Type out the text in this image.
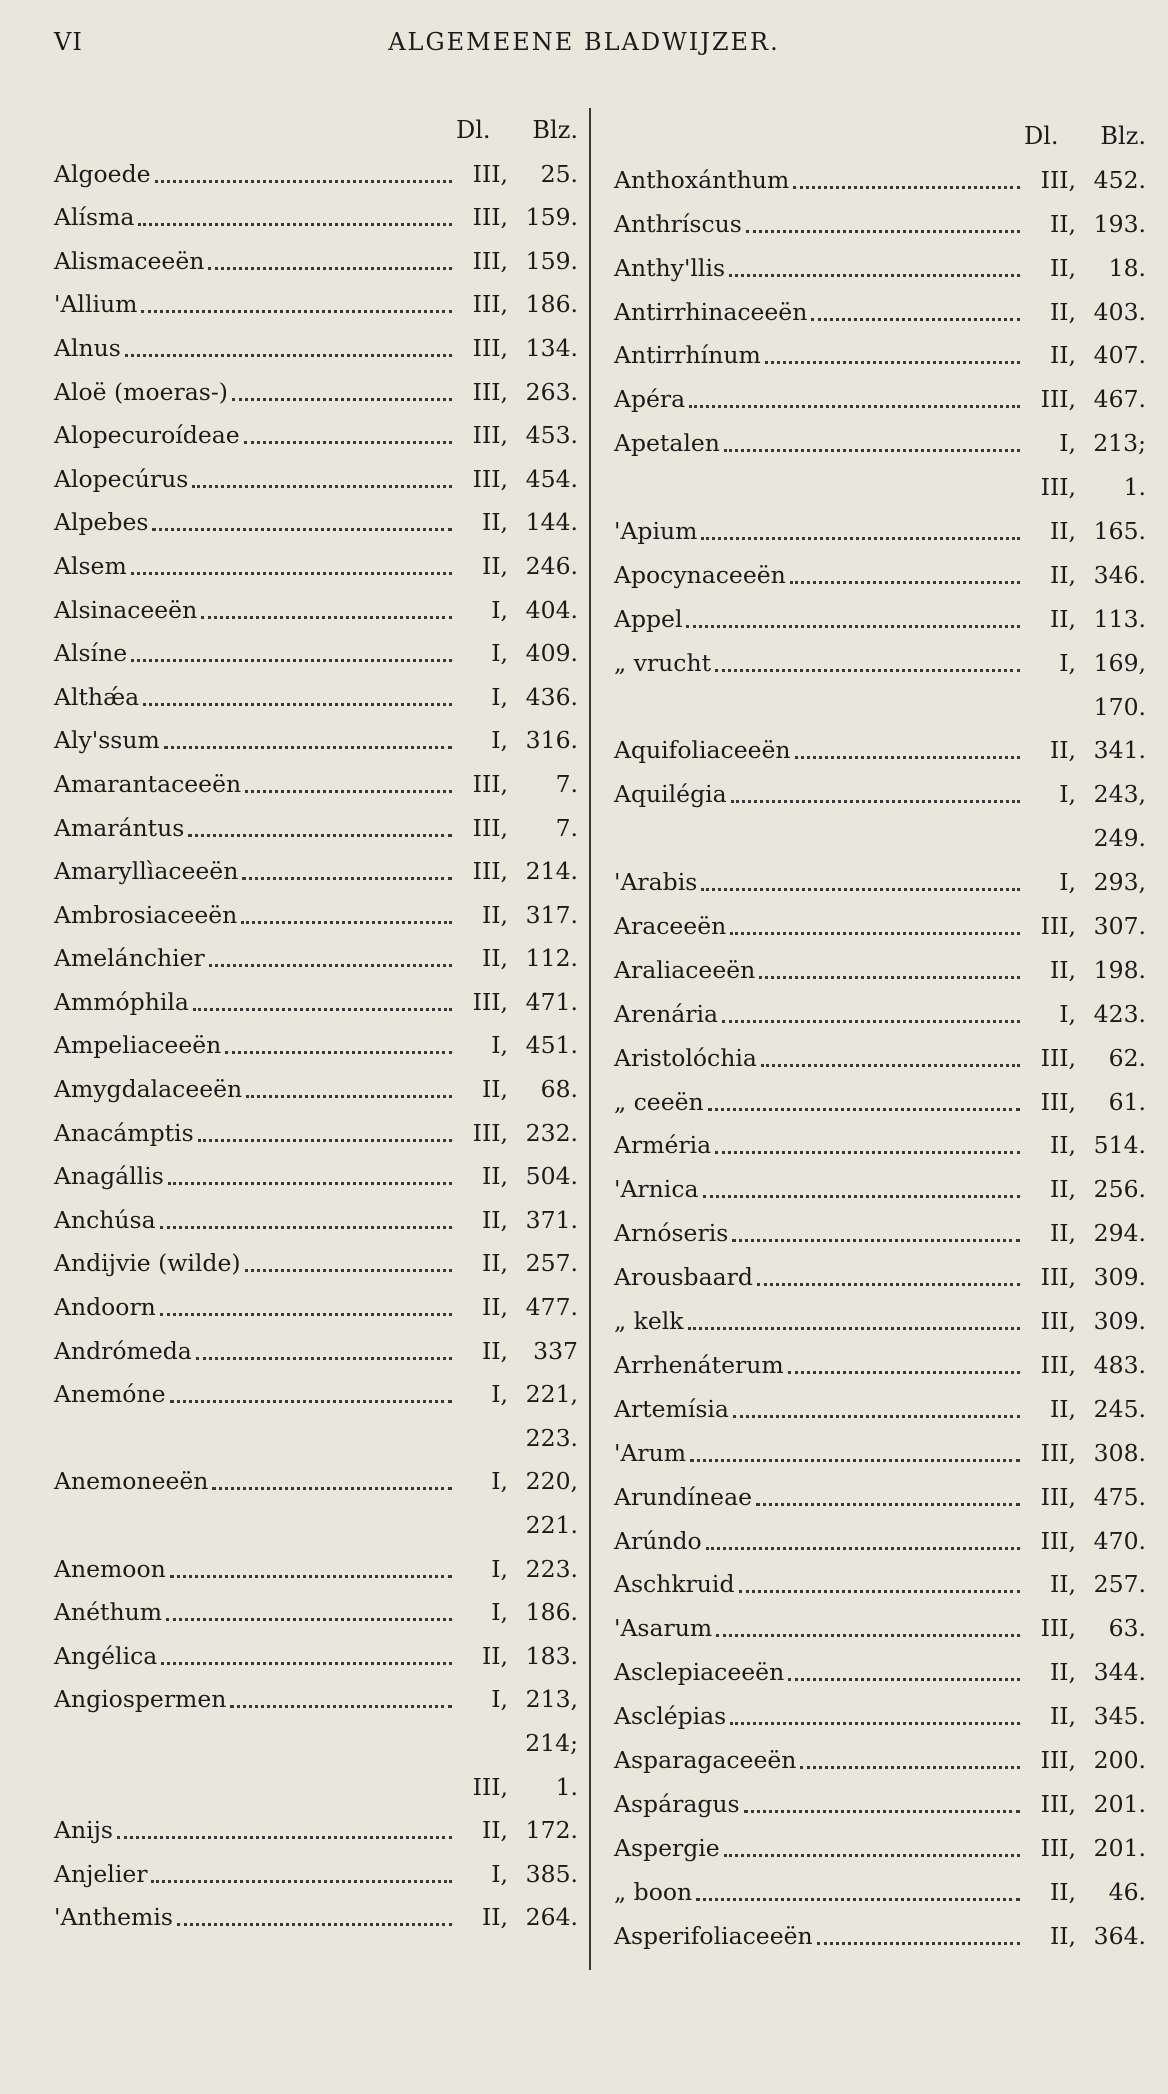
VI	ALGEMEENE BLADWIJZER.
Dl.	Blz.
Algoede	III,	25.
Alísma	III, 159.
Alismaceeën	III, 159.
'Allium	III, 186.
Alnus	III, 134.
Aloë (moeras-)	III, 263.
Alopecuroídeae	III, 453.
Alopecúrus	III, 454.
Alpebes	II, 144.
Alsem	II, 246.
Alsinaceeën	I, 404.
Alsíne	I, 409.
Althǽa	I, 436.
Aly'ssum	I, 316.
Amarantaceeën	III,	7.
Amarántus	III,	7.
Amaryllìaceeën	III, 214.
Ambrosiaceeën	II, 317.
Amelánchier	II, 112.
Ammóphila	III, 471.
Ampeliaceeën	I, 451.
Amygdalaceeën	II,	68.
Anacámptis	III, 232.
Anagállis	II, 504.
Anchúsa	II, 371.
Andijvie (wilde)	II, 257.
Andoorn	II, 477.
Andrómeda	II,	337
Anemóne	I, 221,
223.
Anemoneeën	I, 220,
221.
Anemoon	I, 223.
Anéthum	I, 186.
Angélica	II, 183.
Angiospermen	I, 213,
214;
III,	1.
Anijs	II, 172.
Anjelier	I, 385.
'Anthemis	II, 264.
Dl.	Blz.
Anthoxánthum	III, 452.
Anthríscus	II, 193.
Anthy'llis	II,	18.
Antirrhinaceeën	II, 403.
Antirrhínum	II, 407.
Apéra	III, 467.
Apetalen	I, 213;
III,	1.
'Apium	II, 165.
Apocynaceeën	II, 346.
Appel	II, 113.
„ vrucht	I, 169,
170.
Aquifoliaceeën	II, 341.
Aquilégia	I, 243,
249.
'Arabis	I, 293,
Araceeën	III, 307.
Araliaceeën	II, 198.
Arenária	I, 423.
Aristolóchia	III,	62.
„ ceeën	III,	61.
Arméria	II, 514.
'Arnica	II, 256.
Arnóseris	II, 294.
Arousbaard	III, 309.
„ kelk	III, 309.
Arrhenáterum	III, 483.
Artemísia	II, 245.
'Arum	III, 308.
Arundíneae	III, 475.
Arúndo	III, 470.
Aschkruid	II, 257.
'Asarum	III,	63.
Asclepiaceeën	II, 344.
Asclépias	II, 345.
Asparagaceeën	III, 200.
Aspáragus	III, 201.
Aspergie	III, 201.
„ boon	II,	46.
Asperifoliaceeën	II, 364.
